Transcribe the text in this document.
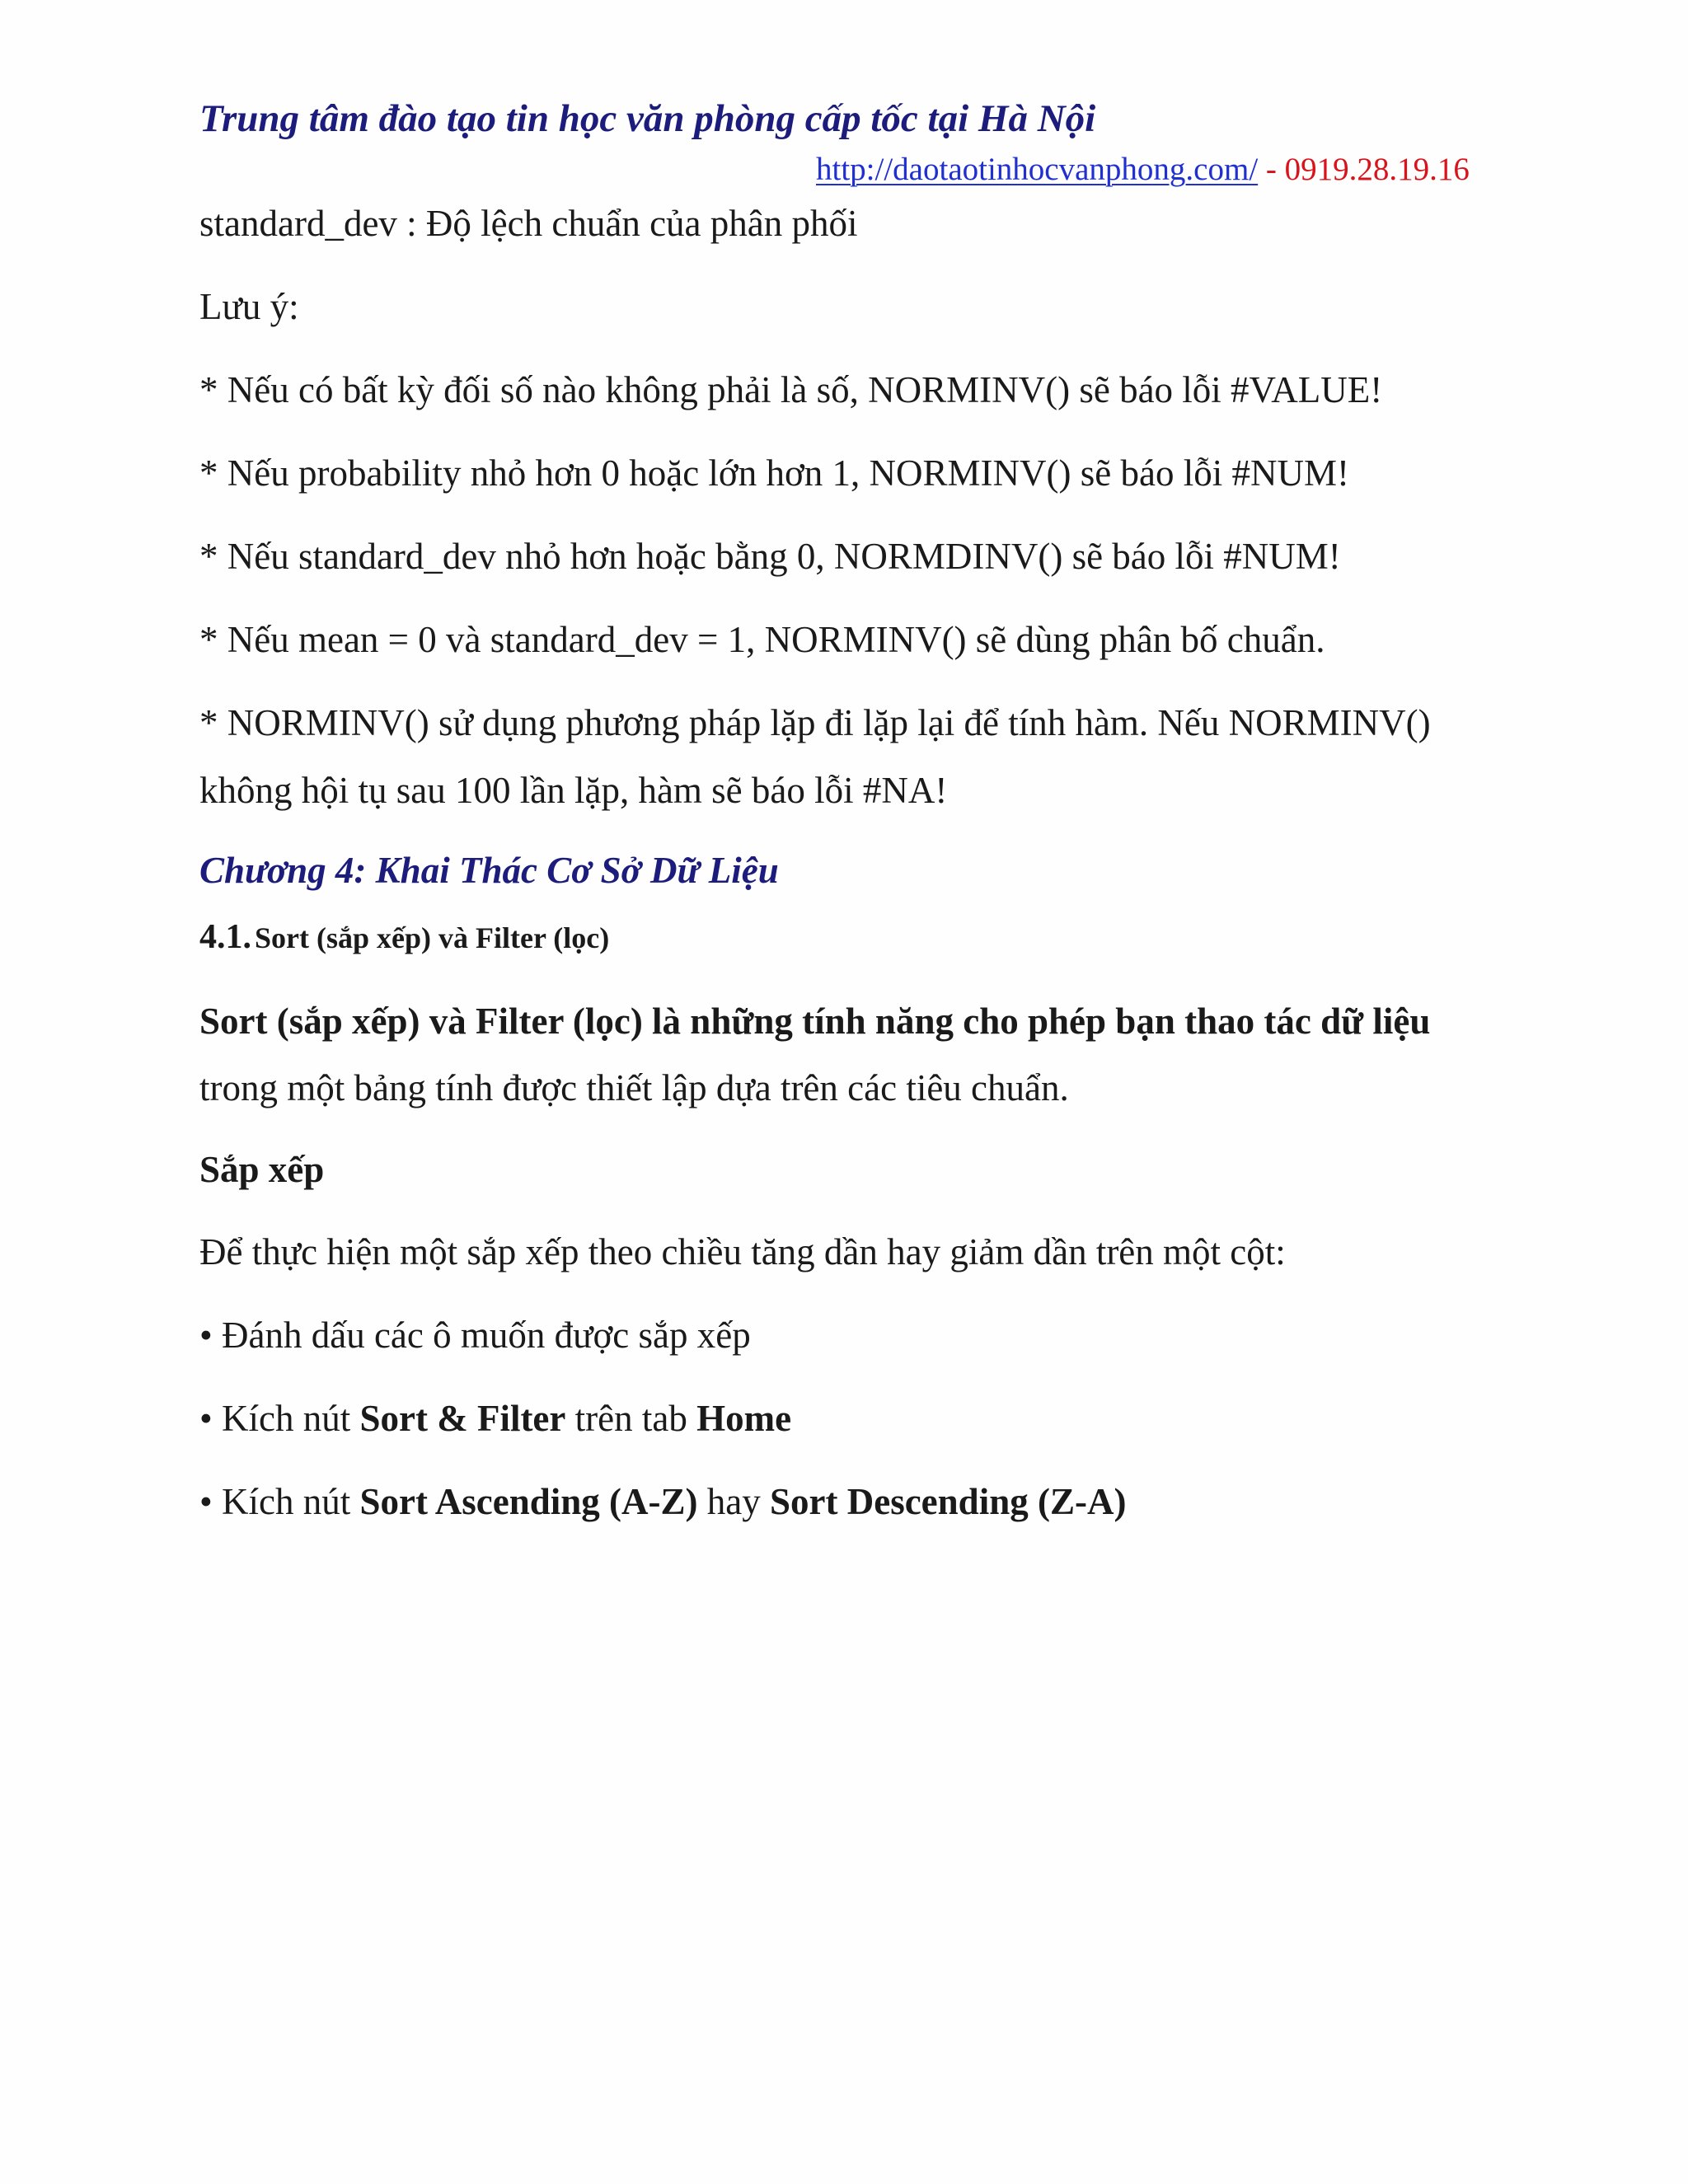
Trung tâm đào tạo tin học văn phòng cấp tốc tại Hà Nội
http://daotaotinhocvanphong.com/ - 0919.28.19.16
standard_dev : Độ lệch chuẩn của phân phối
Lưu ý:
* Nếu có bất kỳ đối số nào không phải là số, NORMINV() sẽ báo lỗi #VALUE!
* Nếu probability nhỏ hơn 0 hoặc lớn hơn 1, NORMINV() sẽ báo lỗi #NUM!
* Nếu standard_dev nhỏ hơn hoặc bằng 0, NORMDINV() sẽ báo lỗi #NUM!
* Nếu mean = 0 và standard_dev = 1, NORMINV() sẽ dùng phân bố chuẩn.
* NORMINV() sử dụng phương pháp lặp đi lặp lại để tính hàm. Nếu NORMINV()
không hội tụ sau 100 lần lặp, hàm sẽ báo lỗi #NA!
Chương 4: Khai Thác Cơ Sở Dữ Liệu
4.1. Sort (sắp xếp) và Filter (lọc)
Sort (sắp xếp) và Filter (lọc) là những tính năng cho phép bạn thao tác dữ liệu
trong một bảng tính được thiết lập dựa trên các tiêu chuẩn.
Sắp xếp
Để thực hiện một sắp xếp theo chiều tăng dần hay giảm dần trên một cột:
• Đánh dấu các ô muốn được sắp xếp
• Kích nút Sort & Filter trên tab Home
• Kích nút Sort Ascending (A-Z) hay Sort Descending (Z-A)
